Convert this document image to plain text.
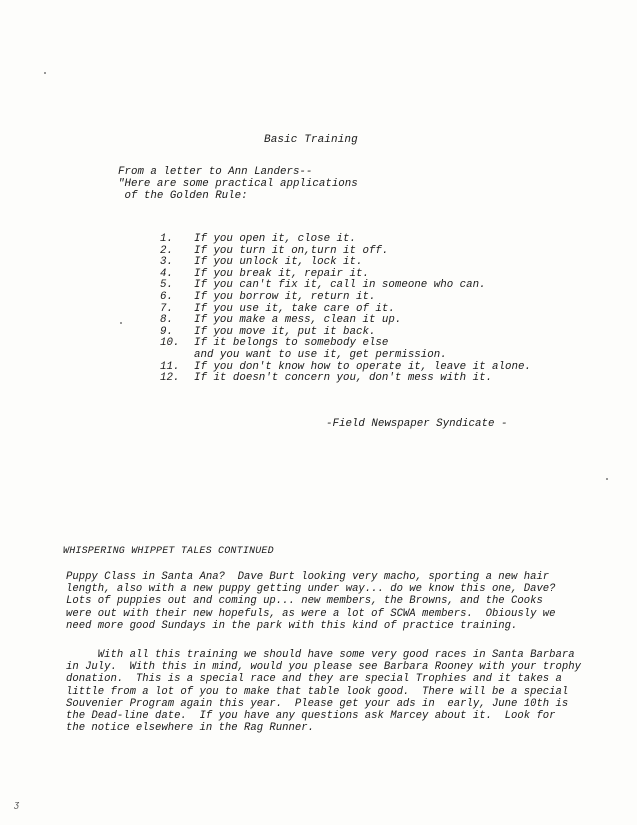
Basic Training
From a letter to Ann Landers--
"Here are some practical applications
of the Golden Rule:
1.	If you open it, close it.
2.	If you turn it on,turn it off.
3.	If you unlock it, lock it.
4.	If you break it, repair it.
5.	If you can't fix it, call in someone who can.
6.	If you borrow it, return it.
7.	If you use it, take care of it.
8.	If you make a mess, clean it up.
9.	If you move it, put it back.
10.	If it belongs to somebody else
and you want to use it, get permission.
11.	If you don't know how to operate it, leave it alone.
12.	If it doesn't concern you, don't mess with it.
-Field Newspaper Syndicate -
WHISPERING WHIPPET TALES CONTINUED
Puppy Class in Santa Ana?  Dave Burt looking very macho, sporting a new hair
length, also with a new puppy getting under way... do we know this one, Dave?
Lots of puppies out and coming up... new members, the Browns, and the Cooks
were out with their new hopefuls, as were a lot of SCWA members.  Obiously we
need more good Sundays in the park with this kind of practice training.
With all this training we should have some very good races in Santa Barbara
in July.  With this in mind, would you please see Barbara Rooney with your trophy
donation.  This is a special race and they are special Trophies and it takes a
little from a lot of you to make that table look good.  There will be a special
Souvenier Program again this year.  Please get your ads in  early, June 10th is
the Dead-line date.  If you have any questions ask Marcey about it.  Look for
the notice elsewhere in the Rag Runner.
ʒ
